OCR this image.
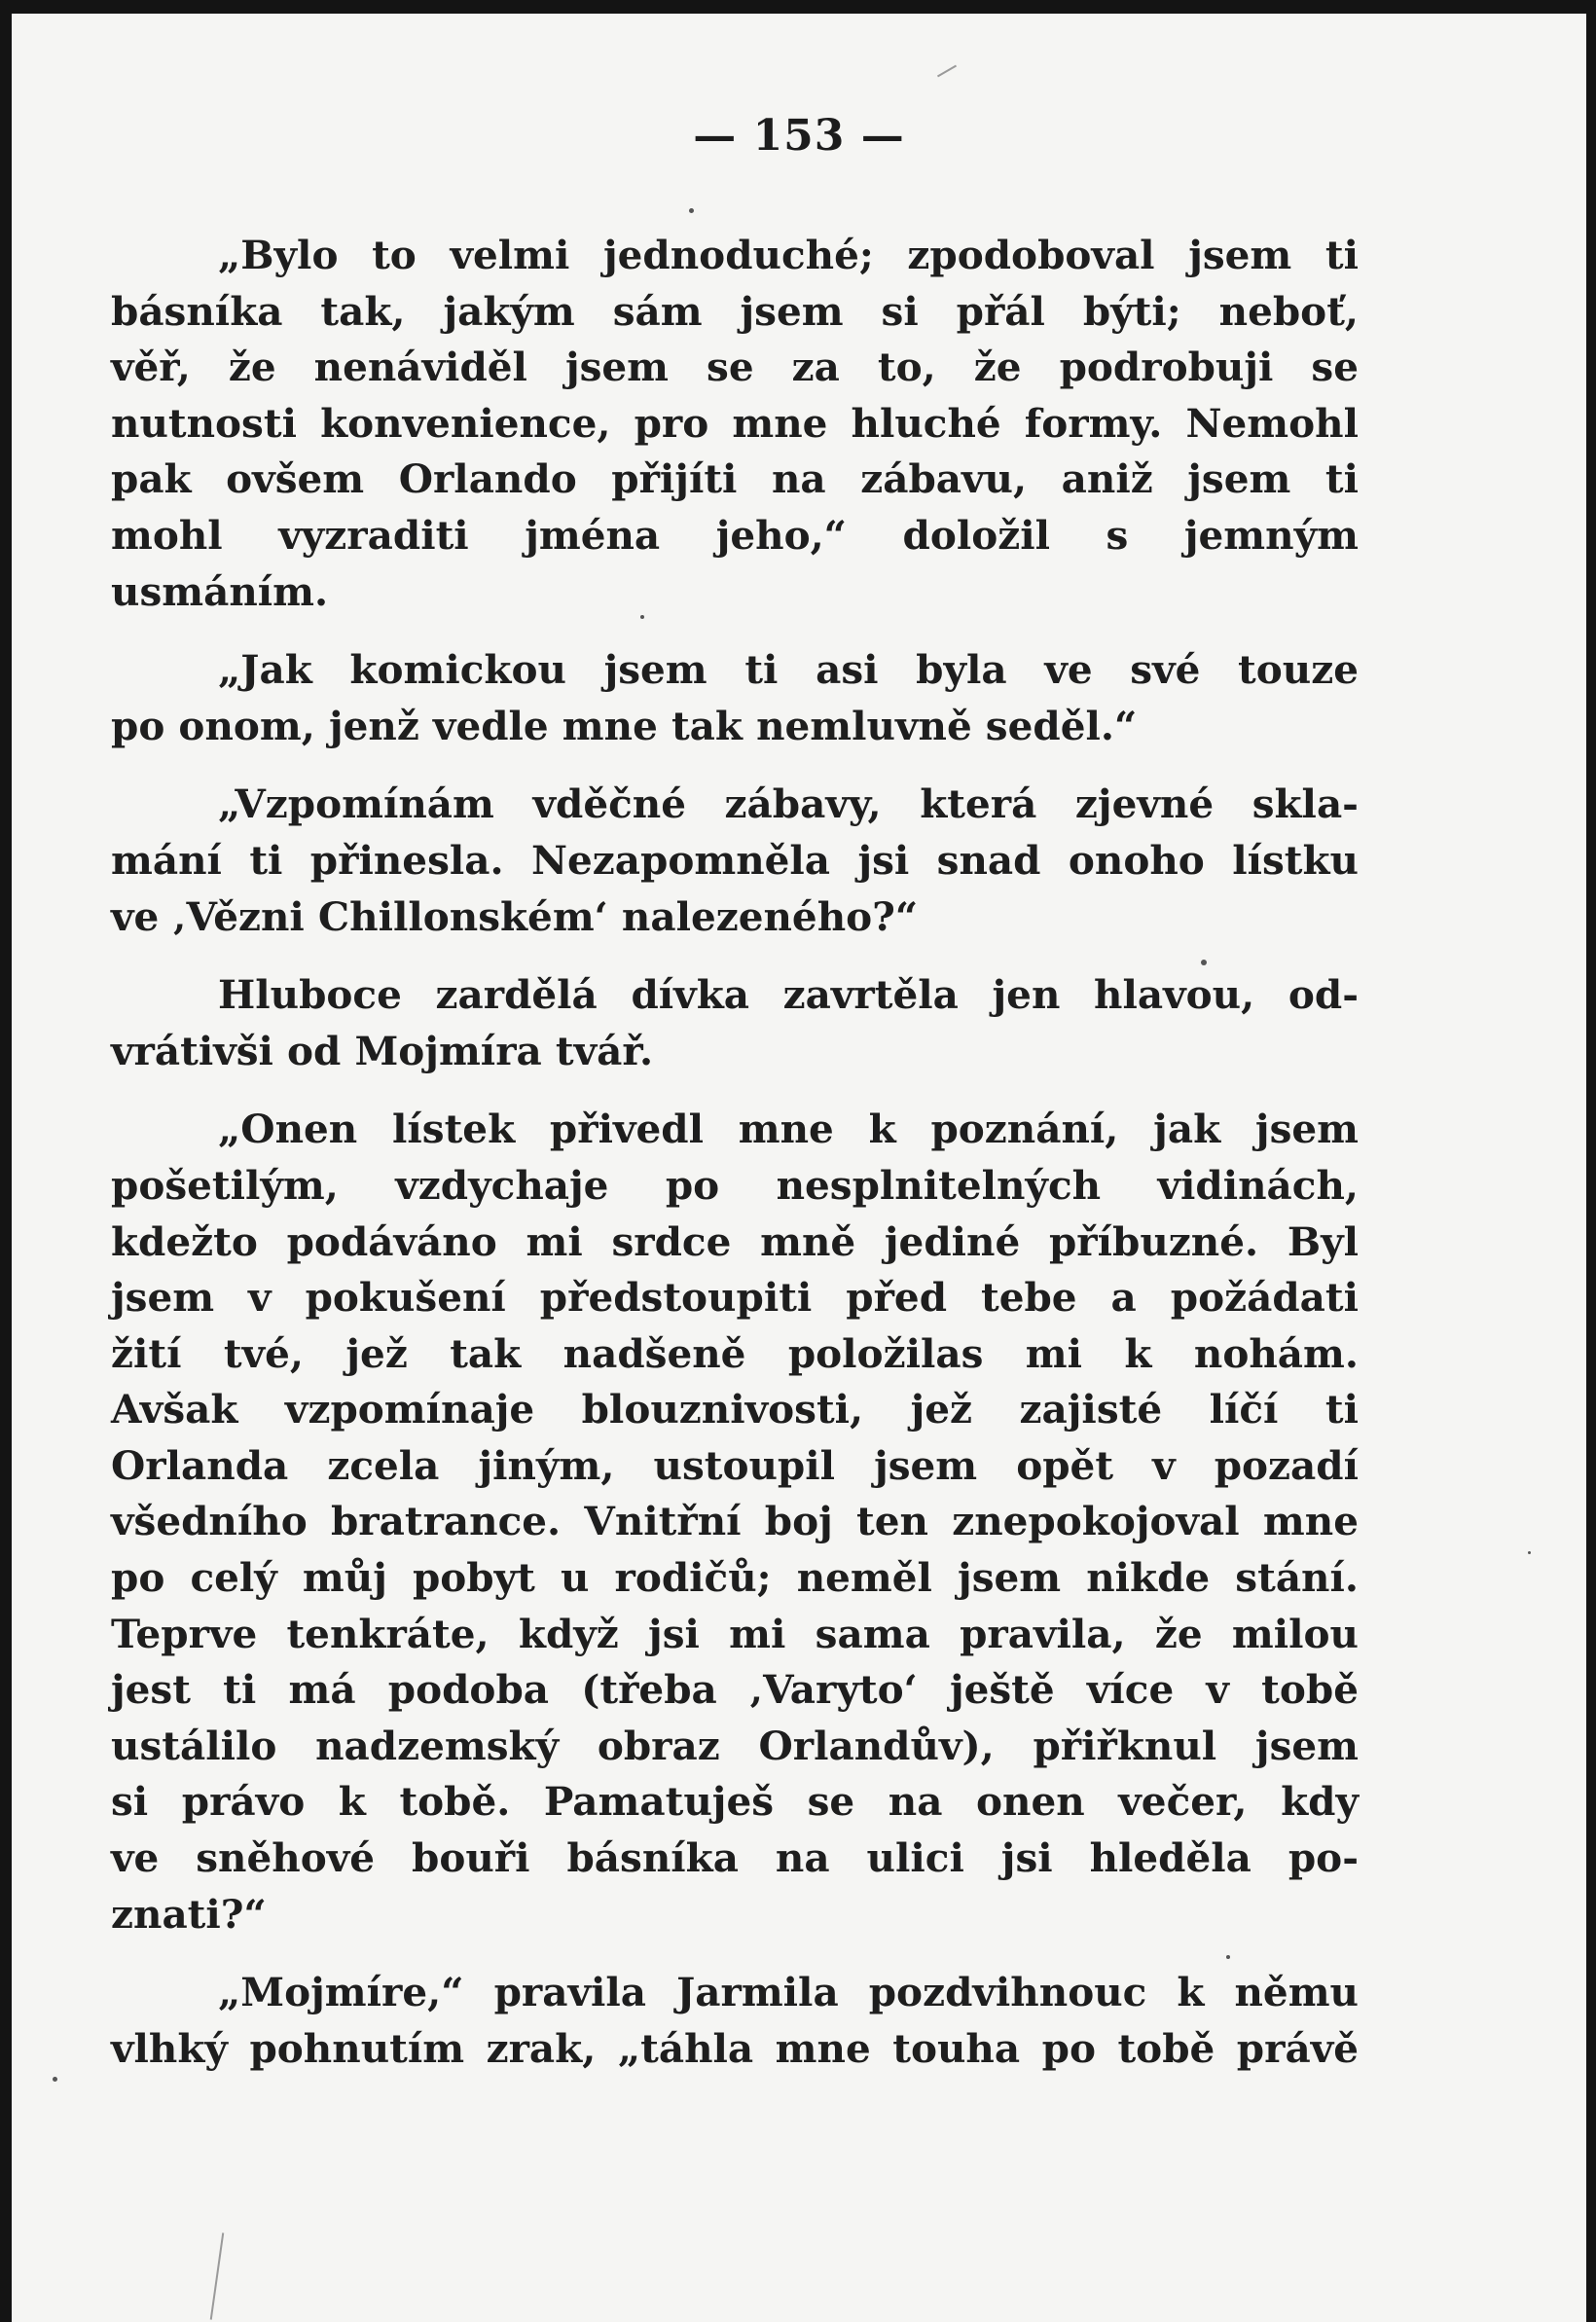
— 153 —
„Bylo to velmi jednoduché; zpodoboval jsem ti
básníka tak, jakým sám jsem si přál býti; neboť,
věř, že nenáviděl jsem se za to, že podrobuji se
nutnosti konvenience, pro mne hluché formy. Nemohl
pak ovšem Orlando přijíti na zábavu, aniž jsem ti
mohl vyzraditi jména jeho,“ doložil s jemným
usmáním.
„Jak komickou jsem ti asi byla ve své touze
po onom, jenž vedle mne tak nemluvně seděl.“
„Vzpomínám vděčné zábavy, která zjevné skla-
mání ti přinesla. Nezapomněla jsi snad onoho lístku
ve ‚Vězni Chillonském‘ nalezeného?“
Hluboce zardělá dívka zavrtěla jen hlavou, od-
vrátivši od Mojmíra tvář.
„Onen lístek přivedl mne k poznání, jak jsem
pošetilým, vzdychaje po nesplnitelných vidinách,
kdežto podáváno mi srdce mně jediné příbuzné. Byl
jsem v pokušení předstoupiti před tebe a požádati
žití tvé, jež tak nadšeně položilas mi k nohám.
Avšak vzpomínaje blouznivosti, jež zajisté líčí ti
Orlanda zcela jiným, ustoupil jsem opět v pozadí
všedního bratrance. Vnitřní boj ten znepokojoval mne
po celý můj pobyt u rodičů; neměl jsem nikde stání.
Teprve tenkráte, když jsi mi sama pravila, že milou
jest ti má podoba (třeba ‚Varyto‘ ještě více v tobě
ustálilo nadzemský obraz Orlandův), přiřknul jsem
si právo k tobě. Pamatuješ se na onen večer, kdy
ve sněhové bouři básníka na ulici jsi hleděla po-
znati?“
„Mojmíre,“ pravila Jarmila pozdvihnouc k němu
vlhký pohnutím zrak, „táhla mne touha po tobě právě
